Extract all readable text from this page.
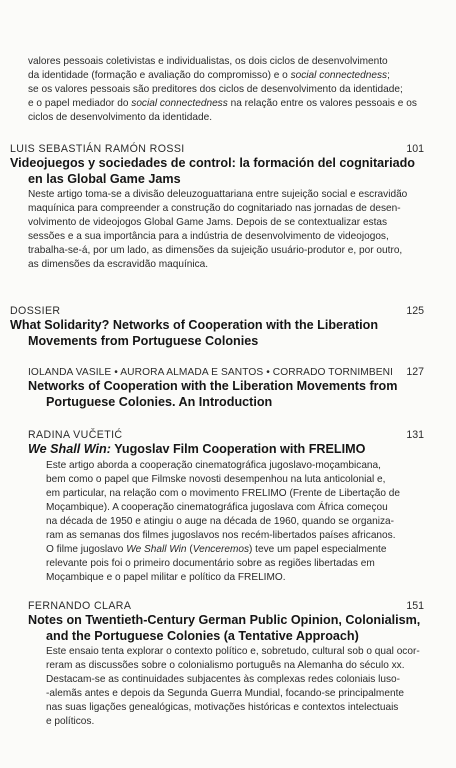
valores pessoais coletivistas e individualistas, os dois ciclos de desenvolvimento
da identidade (formação e avaliação do compromisso) e o social connectedness;
se os valores pessoais são preditores dos ciclos de desenvolvimento da identidade;
e o papel mediador do social connectedness na relação entre os valores pessoais e os
ciclos de desenvolvimento da identidade.

LUIS SEBASTIÁN RAMÓN ROSSI	101
Videojuegos y sociedades de control: la formación del cognitariado
en las Global Game Jams

Neste artigo toma-se a divisão deleuzoguattariana entre sujeição social e escravidão
maquínica para compreender a construção do cognitariado nas jornadas de desen-
volvimento de videojogos Global Game Jams. Depois de se contextualizar estas
sessões e a sua importância para a indústria de desenvolvimento de videojogos,
trabalha-se-á, por um lado, as dimensões da sujeição usuário-produtor e, por outro,
as dimensões da escravidão maquínica.

DOSSIER	125
What Solidarity? Networks of Cooperation with the Liberation
Movements from Portuguese Colonies
IOLANDA VASILE • AURORA ALMADA E SANTOS • CORRADO TORNIMBENI 127
Networks of Cooperation with the Liberation Movements from
Portuguese Colonies. An Introduction
RADINA VUČETIĆ	131
We Shall Win: Yugoslav Film Cooperation with FRELIMO

Este artigo aborda a cooperação cinematográfica jugoslavo-moçambicana,
bem como o papel que Filmske novosti desempenhou na luta anticolonial e,
em particular, na relação com o movimento FRELIMO (Frente de Libertação de
Moçambique). A cooperação cinematográfica jugoslava com África começou
na década de 1950 e atingiu o auge na década de 1960, quando se organiza-
ram as semanas dos filmes jugoslavos nos recém-libertados países africanos.
O filme jugoslavo We Shall Win (Venceremos) teve um papel especialmente
relevante pois foi o primeiro documentário sobre as regiões libertadas em
Moçambique e o papel militar e político da FRELIMO.

FERNANDO CLARA	151
Notes on Twentieth-Century German Public Opinion, Colonialism,
and the Portuguese Colonies (a Tentative Approach)

Este ensaio tenta explorar o contexto político e, sobretudo, cultural sob o qual ocor-
reram as discussões sobre o colonialismo português na Alemanha do século xx.
Destacam-se as continuidades subjacentes às complexas redes coloniais luso-
-alemãs antes e depois da Segunda Guerra Mundial, focando-se principalmente
nas suas ligações genealógicas, motivações históricas e contextos intelectuais
e políticos.
